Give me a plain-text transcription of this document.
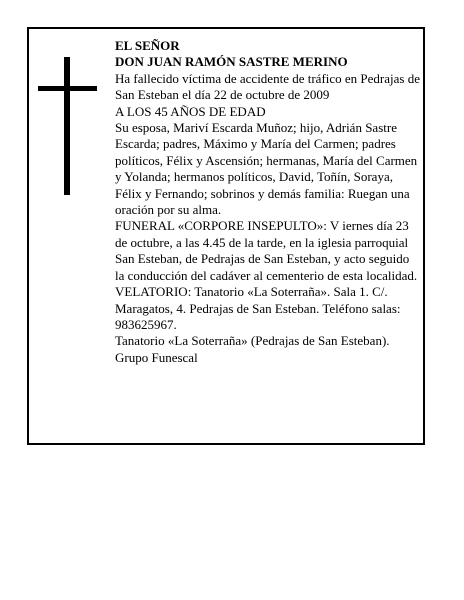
EL SEÑOR

DON JUAN RAMÓN SASTRE MERINO

Ha fallecido víctima de accidente de tráfico en Pedrajas de San Esteban el día 22 de octubre de 2009

A LOS 45 AÑOS DE EDAD

Su esposa, Mariví Escarda Muñoz; hijo, Adrián Sastre Escarda; padres, Máximo y María del Carmen; padres políticos, Félix y Ascensión; hermanas, María del Carmen y Yolanda; hermanos políticos, David, Toñín, Soraya, Félix y Fernando; sobrinos y demás familia: Ruegan una oración por su alma.

FUNERAL «CORPORE INSEPULTO»: V iernes día 23 de octubre, a las 4.45 de la tarde, en la iglesia parroquial San Esteban, de Pedrajas de San Esteban, y acto seguido la conducción del cadáver al cementerio de esta localidad.

VELATORIO: Tanatorio «La Soterraña». Sala 1. C/. Maragatos, 4. Pedrajas de San Esteban. Teléfono salas: 983625967.

Tanatorio «La Soterraña» (Pedrajas de San Esteban).

Grupo Funescal
